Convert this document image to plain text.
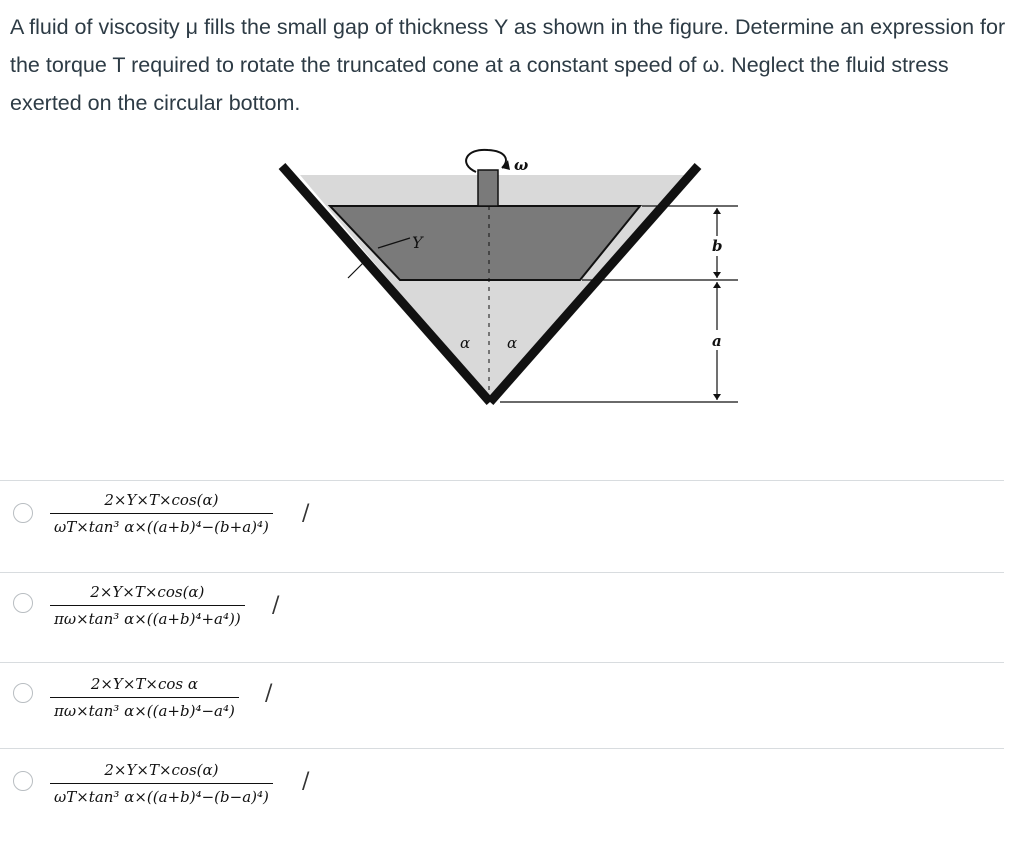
A fluid of viscosity μ fills the small gap of thickness Y as shown in the figure. Determine an expression for the torque T required to rotate the truncated cone at a constant speed of ω. Neglect the fluid stress exerted on the circular bottom.

ω
Y
α α
b
a
$\frac{2\times Y\times T\times\cos(\alpha)}{\text{ωT×tan³ α×((a+b)⁴−(b+a)⁴)}}$ /
$\frac{2\times Y\times T\times\cos(\alpha)}{\text{πω×tan³ α×((a+b)⁴+a⁴))}}$ /
$\frac{\text{2×Y×T×cos α}}{\text{πω×tan³ α×((a+b)⁴−a⁴)}}$ /
$\frac{2\times Y\times T\times\cos(\alpha)}{\text{ωT×tan³ α×((a+b)⁴−(b−a)⁴)}}$ /
